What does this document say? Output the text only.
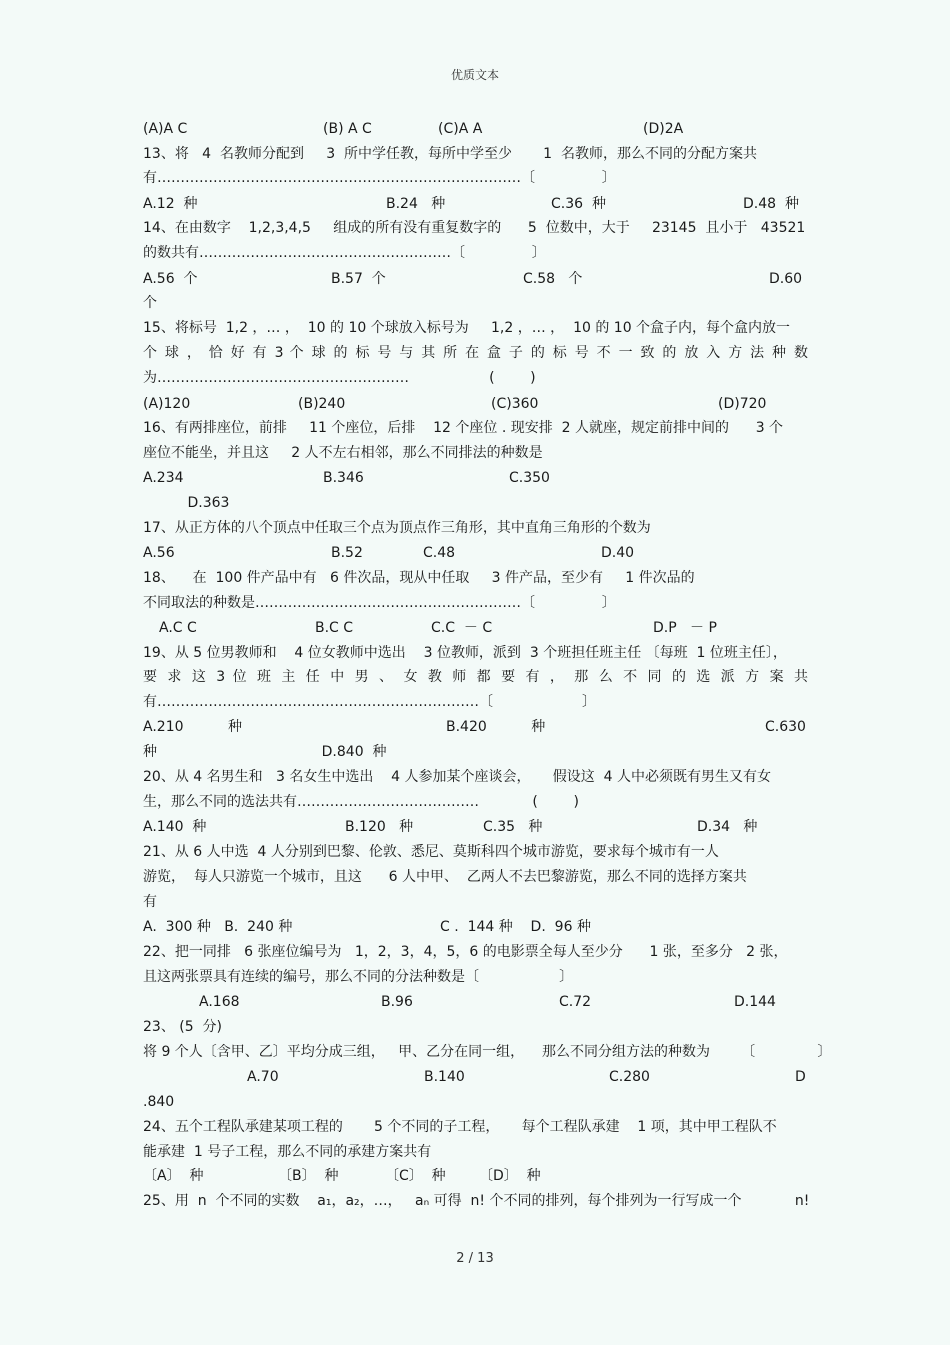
优质文本
(A)A C	(B) A C	(C)A A	(D)2A
13、将   4  名教师分配到     3  所中学任教，每所中学至少       1  名教师，那么不同的分配方案共
有……………………………………………………………………〔               〕
A.12  种	B.24   种	C.36  种	D.48  种
14、在由数字    1,2,3,4,5     组成的所有没有重复数字的      5  位数中，大于     23145  且小于   43521
的数共有………………………………………………〔               〕
A.56  个	B.57  个	C.58   个	D.60
个
15、将标号  1,2 ，… ，  10 的 10 个球放入标号为     1,2 ，… ，  10 的 10 个盒子内，每个盒内放一
个 球 ， 恰 好 有 3 个 球 的 标 号 与 其 所 在 盒 子 的 标 号 不 一 致 的 放 入 方 法 种 数
为………………………………………………                  (        )
(A)120	(B)240	(C)360	(D)720
16、有两排座位，前排     11 个座位，后排    12 个座位 . 现安排  2 人就座，规定前排中间的      3 个
座位不能坐，并且这     2 人不左右相邻，那么不同排法的种数是
A.234	B.346	C.350
D.363
17、从正方体的八个顶点中任取三个点为顶点作三角形，其中直角三角形的个数为
A.56	B.52	C.48	D.40
18、    在  100 件产品中有   6 件次品，现从中任取     3 件产品，至少有     1 件次品的
不同取法的种数是…………………………………………………〔               〕
A.C C	B.C C	C.C  － C	D.P   － P
19、从 5 位男教师和    4 位女教师中选出    3 位教师，派到  3 个班担任班主任 〔每班  1 位班主任〕，
要 求 这 3 位 班 主 任 中 男 、 女 教 师 都 要 有 ， 那 么 不 同 的 选 派 方 案 共
有……………………………………………………………〔                    〕
A.210          种	B.420          种	C.630
种                                     D.840  种
20、从 4 名男生和   3 名女生中选出    4 人参加某个座谈会，     假设这  4 人中必须既有男生又有女
生，那么不同的选法共有…………………………………            (        )
A.140  种	B.120   种	C.35   种	D.34   种
21、从 6 人中选  4 人分别到巴黎、伦敦、悉尼、莫斯科四个城市游览，要求每个城市有一人
游览，  每人只游览一个城市，且这      6 人中甲、  乙两人不去巴黎游览，那么不同的选择方案共
有
A.  300 种   B.  240 种	C .  144 种    D.  96 种
22、把一同排   6 张座位编号为   1，2，3，4，5，6 的电影票全每人至少分      1 张，至多分   2 张，
且这两张票具有连续的编号，那么不同的分法种数是〔                  〕
A.168	B.96	C.72	D.144
23、 (5  分)
将 9 个人〔含甲、乙〕平均分成三组，   甲、乙分在同一组，    那么不同分组方法的种数为       〔              〕
A.70	B.140	C.280	D
.840
24、五个工程队承建某项工程的       5 个不同的子工程，     每个工程队承建    1 项，其中甲工程队不
能承建  1 号子工程，那么不同的承建方案共有
〔A〕  种	〔B〕  种	〔C〕  种 〔D〕  种
25、用  n  个不同的实数    a₁，a₂，…，   aₙ 可得  n! 个不同的排列，每个排列为一行写成一个            n!
2 / 13
